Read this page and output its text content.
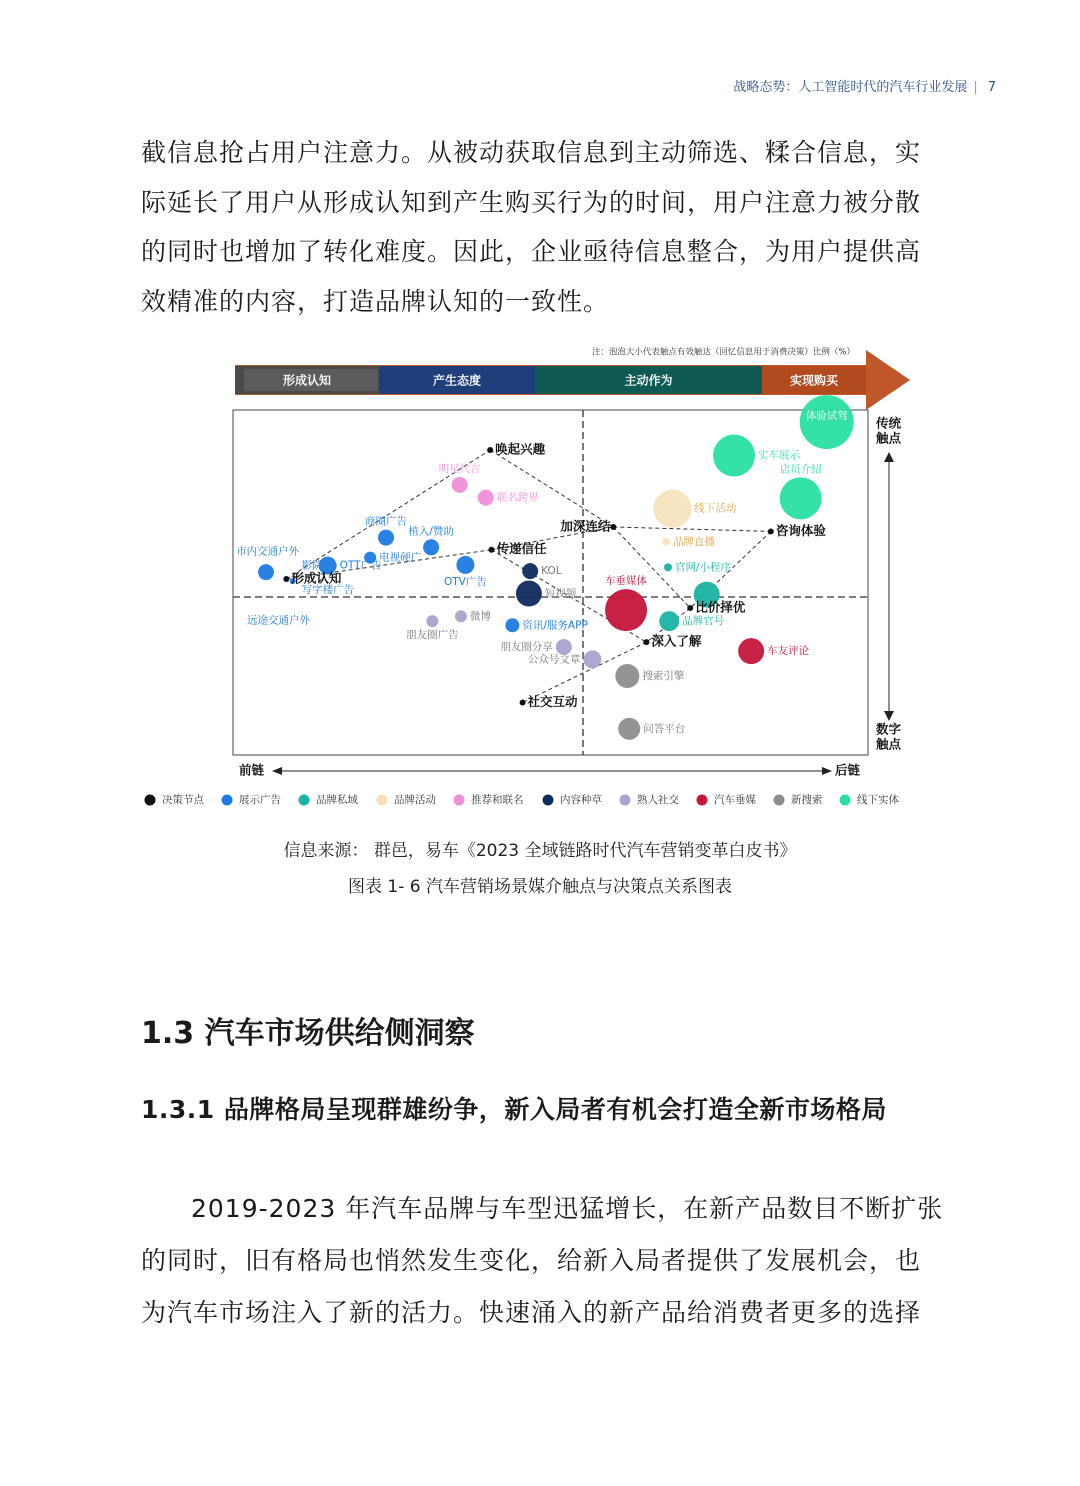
战略态势：人工智能时代的汽车行业发展 | 7

截信息抢占用户注意力。从被动获取信息到主动筛选、糅合信息，实

际延长了用户从形成认知到产生购买行为的时间，用户注意力被分散

的同时也增加了转化难度。因此，企业亟待信息整合，为用户提供高

效精准的内容，打造品牌认知的一致性。

注：泡泡大小代表触点有效触达（回忆信息用于消费决策）比例（%）
形成认知	产生态度	主动作为	实现购买
体验试驾
实车展示
店员介绍
线下活动
品牌直播
官网/小程序
品牌官号
车垂媒体
车友评论
搜索引擎
问答平台
明星代言
联名跨界
商圈广告
植入/赞助
电视硬广
OTT广告
OTV广告
KOL
短视频
资讯/服务APP
微博
朋友圈广告
朋友圈分享
公众号文章
市内交通户外
影院
写字楼广告
远途交通户外
形成认知
唤起兴趣
传递信任
加深连结	咨询体验
比价择优
深入了解
社交互动
传统
触点
数字
触点
前链	后链
决策节点	展示广告	品牌私域	品牌活动	推荐和联名	内容种草	熟人社交	汽车垂媒	新搜索	线下实体
信息来源： 群邑，易车《2023 全域链路时代汽车营销变革白皮书》
图表 1- 6 汽车营销场景媒介触点与决策点关系图表
1.3 汽车市场供给侧洞察
1.3.1 品牌格局呈现群雄纷争，新入局者有机会打造全新市场格局

2019-2023 年汽车品牌与车型迅猛增长，在新产品数目不断扩张

的同时，旧有格局也悄然发生变化，给新入局者提供了发展机会，也

为汽车市场注入了新的活力。快速涌入的新产品给消费者更多的选择
